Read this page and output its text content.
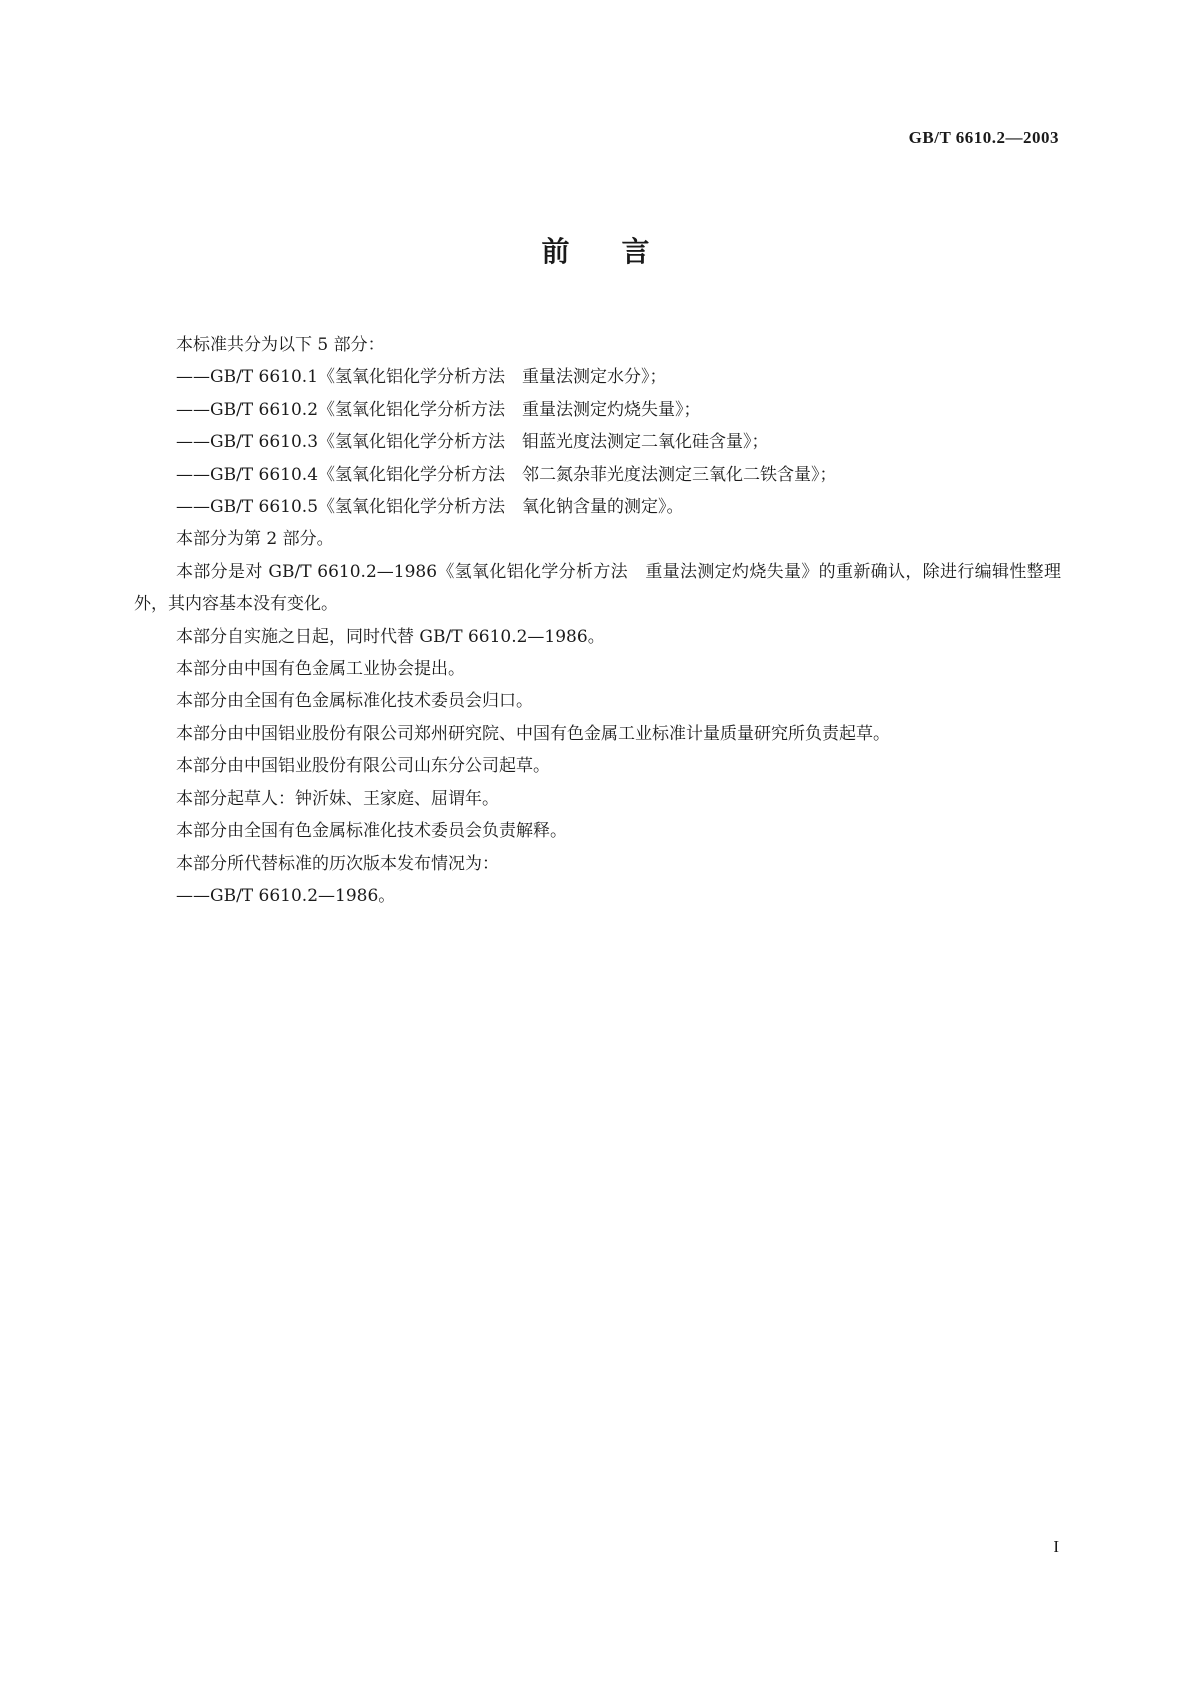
GB/T 6610.2—2003
前言

本标准共分为以下 5 部分：

——GB/T 6610.1《氢氧化铝化学分析方法　重量法测定水分》；

——GB/T 6610.2《氢氧化铝化学分析方法　重量法测定灼烧失量》；

——GB/T 6610.3《氢氧化铝化学分析方法　钼蓝光度法测定二氧化硅含量》；

——GB/T 6610.4《氢氧化铝化学分析方法　邻二氮杂菲光度法测定三氧化二铁含量》；

——GB/T 6610.5《氢氧化铝化学分析方法　氧化钠含量的测定》。

本部分为第 2 部分。

本部分是对 GB/T 6610.2—1986《氢氧化铝化学分析方法　重量法测定灼烧失量》的重新确认，除进行编辑性整理外，其内容基本没有变化。

本部分自实施之日起，同时代替 GB/T 6610.2—1986。

本部分由中国有色金属工业协会提出。

本部分由全国有色金属标准化技术委员会归口。

本部分由中国铝业股份有限公司郑州研究院、中国有色金属工业标准计量质量研究所负责起草。

本部分由中国铝业股份有限公司山东分公司起草。

本部分起草人：钟沂妹、王家庭、屈谓年。

本部分由全国有色金属标准化技术委员会负责解释。

本部分所代替标准的历次版本发布情况为：

——GB/T 6610.2—1986。

I
